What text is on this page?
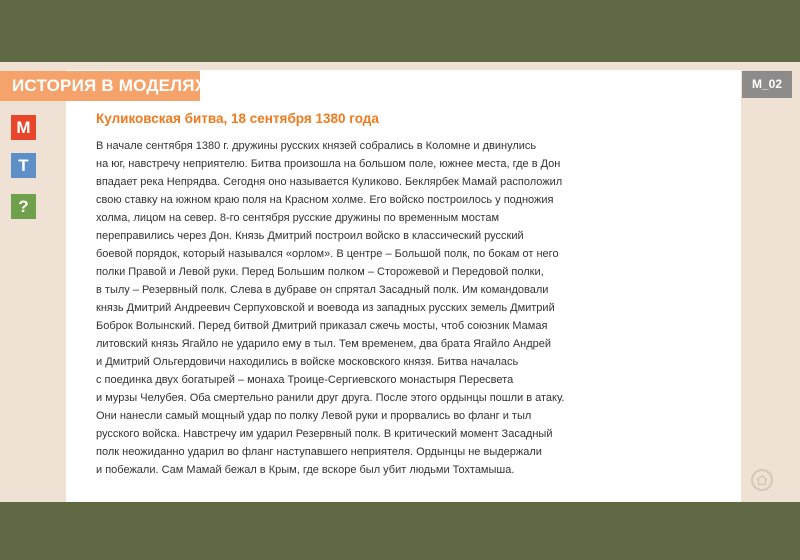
ИСТОРИЯ В МОДЕЛЯХ	M_02
М
Т
?
Куликовская битва, 18 сентября 1380 года
В начале сентября 1380 г. дружины русских князей собрались в Коломне и двинулись
на юг, навстречу неприятелю. Битва произошла на большом поле, южнее места, где в Дон
впадает река Непрядва. Сегодня оно называется Куликово. Беклярбек Мамай расположил
свою ставку на южном краю поля на Красном холме. Его войско построилось у подножия
холма, лицом на север. 8-го сентября русские дружины по временным мостам
переправились через Дон. Князь Дмитрий построил войско в классический русский
боевой порядок, который назывался «орлом». В центре – Большой полк, по бокам от него
полки Правой и Левой руки. Перед Большим полком – Сторожевой и Передовой полки,
в тылу – Резервный полк. Слева в дубраве он спрятал Засадный полк. Им командовали
князь Дмитрий Андреевич Серпуховской и воевода из западных русских земель Дмитрий
Боброк Волынский. Перед битвой Дмитрий приказал сжечь мосты, чтоб союзник Мамая
литовский князь Ягайло не ударило ему в тыл. Тем временем, два брата Ягайло Андрей
и Дмитрий Ольгердовичи находились в войске московского князя. Битва началась
с поединка двух богатырей – монаха Троице-Сергиевского монастыря Пересвета
и мурзы Челубея. Оба смертельно ранили друг друга. После этого ордынцы пошли в атаку.
Они нанесли самый мощный удар по полку Левой руки и прорвались во фланг и тыл
русского войска. Навстречу им ударил Резервный полк. В критический момент Засадный
полк неожиданно ударил во фланг наступавшего неприятеля. Ордынцы не выдержали
и побежали. Сам Мамай бежал в Крым, где вскоре был убит людьми Тохтамыша.
